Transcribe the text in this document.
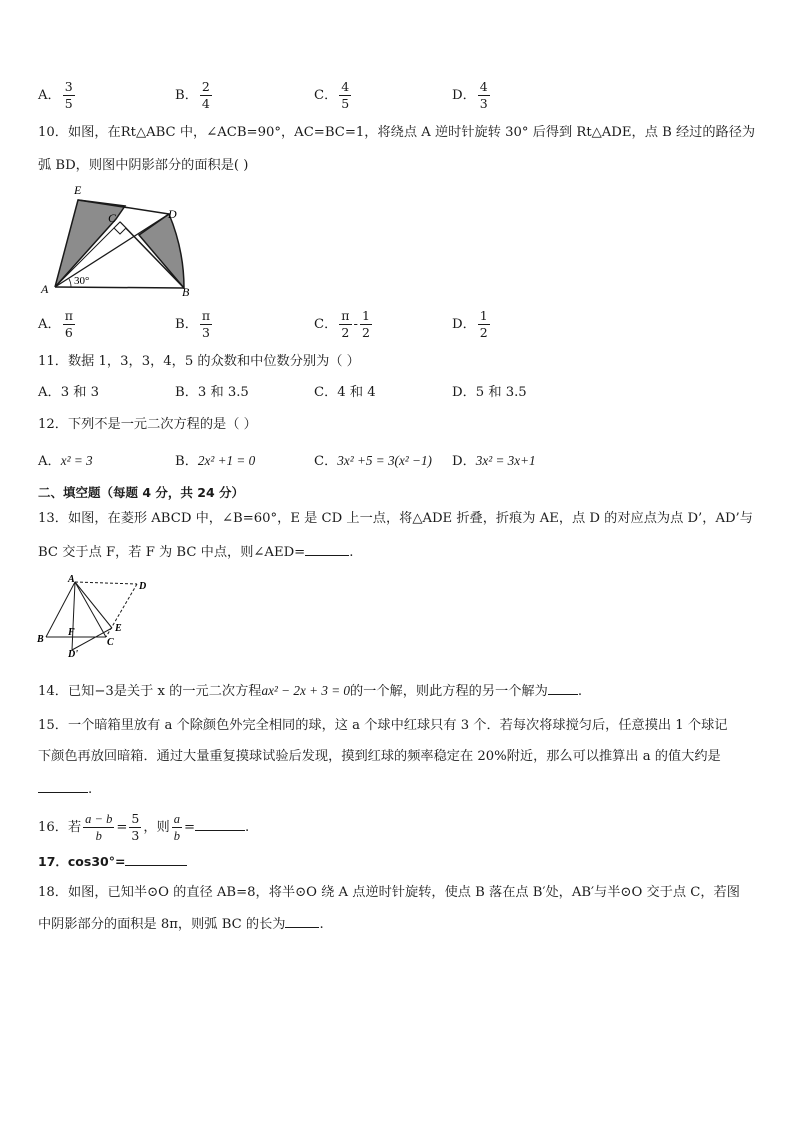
A． $\frac{3}{5}$	B． $\frac{2}{4}$	C． $\frac{4}{5}$	D． $\frac{4}{3}$
10．如图，在Rt△ABC 中，∠ACB=90°，AC=BC=1，将绕点 A 逆时针旋转 30° 后得到 Rt△ADE，点 B 经过的路径为
弧 BD，则图中阴影部分的面积是( )
E
C	D
A	B
30°
A． $\frac{\pi}{6}$	B． $\frac{\pi}{3}$	C． $\frac{\pi}{2} - \frac{1}{2}$	D． $\frac{1}{2}$
11．数据 1，3，3，4，5 的众数和中位数分别为（ ）
A．3 和 3	B．3 和 3.5	C．4 和 4	D．5 和 3.5
12．下列不是一元二次方程的是（ ）
A．x² = 3	B．2x² +1 = 0	C．3x² +5 = 3(x² −1) D．3x² = 3x+1
二、填空题（每题 4 分，共 24 分）
13．如图，在菱形 ABCD 中，∠B=60°，E 是 CD 上一点，将△ADE 折叠，折痕为 AE，点 D 的对应点为点 D’，AD’与
BC 交于点 F，若 F 为 BC 中点，则∠AED=	.
A
D
B
F
C
E
D'
14．已知−3是关于 x 的一元二次方程ax² − 2x + 3 = 0的一个解，则此方程的另一个解为 .
15．一个暗箱里放有 a 个除颜色外完全相同的球，这 a 个球中红球只有 3 个．若每次将球搅匀后，任意摸出 1 个球记
下颜色再放回暗箱．通过大量重复摸球试验后发现，摸到红球的频率稳定在 20%附近，那么可以推算出 a 的值大约是
.
16．若 $\frac{a - b}{b} = \frac{5}{3}$ ，则 $\frac{a}{b}$ =	.
17．cos30°=
18．如图，已知半⊙O 的直径 AB=8，将半⊙O 绕 A 点逆时针旋转，使点 B 落在点 B′处，AB′与半⊙O 交于点 C，若图
中阴影部分的面积是 8π，则弧 BC 的长为	.
